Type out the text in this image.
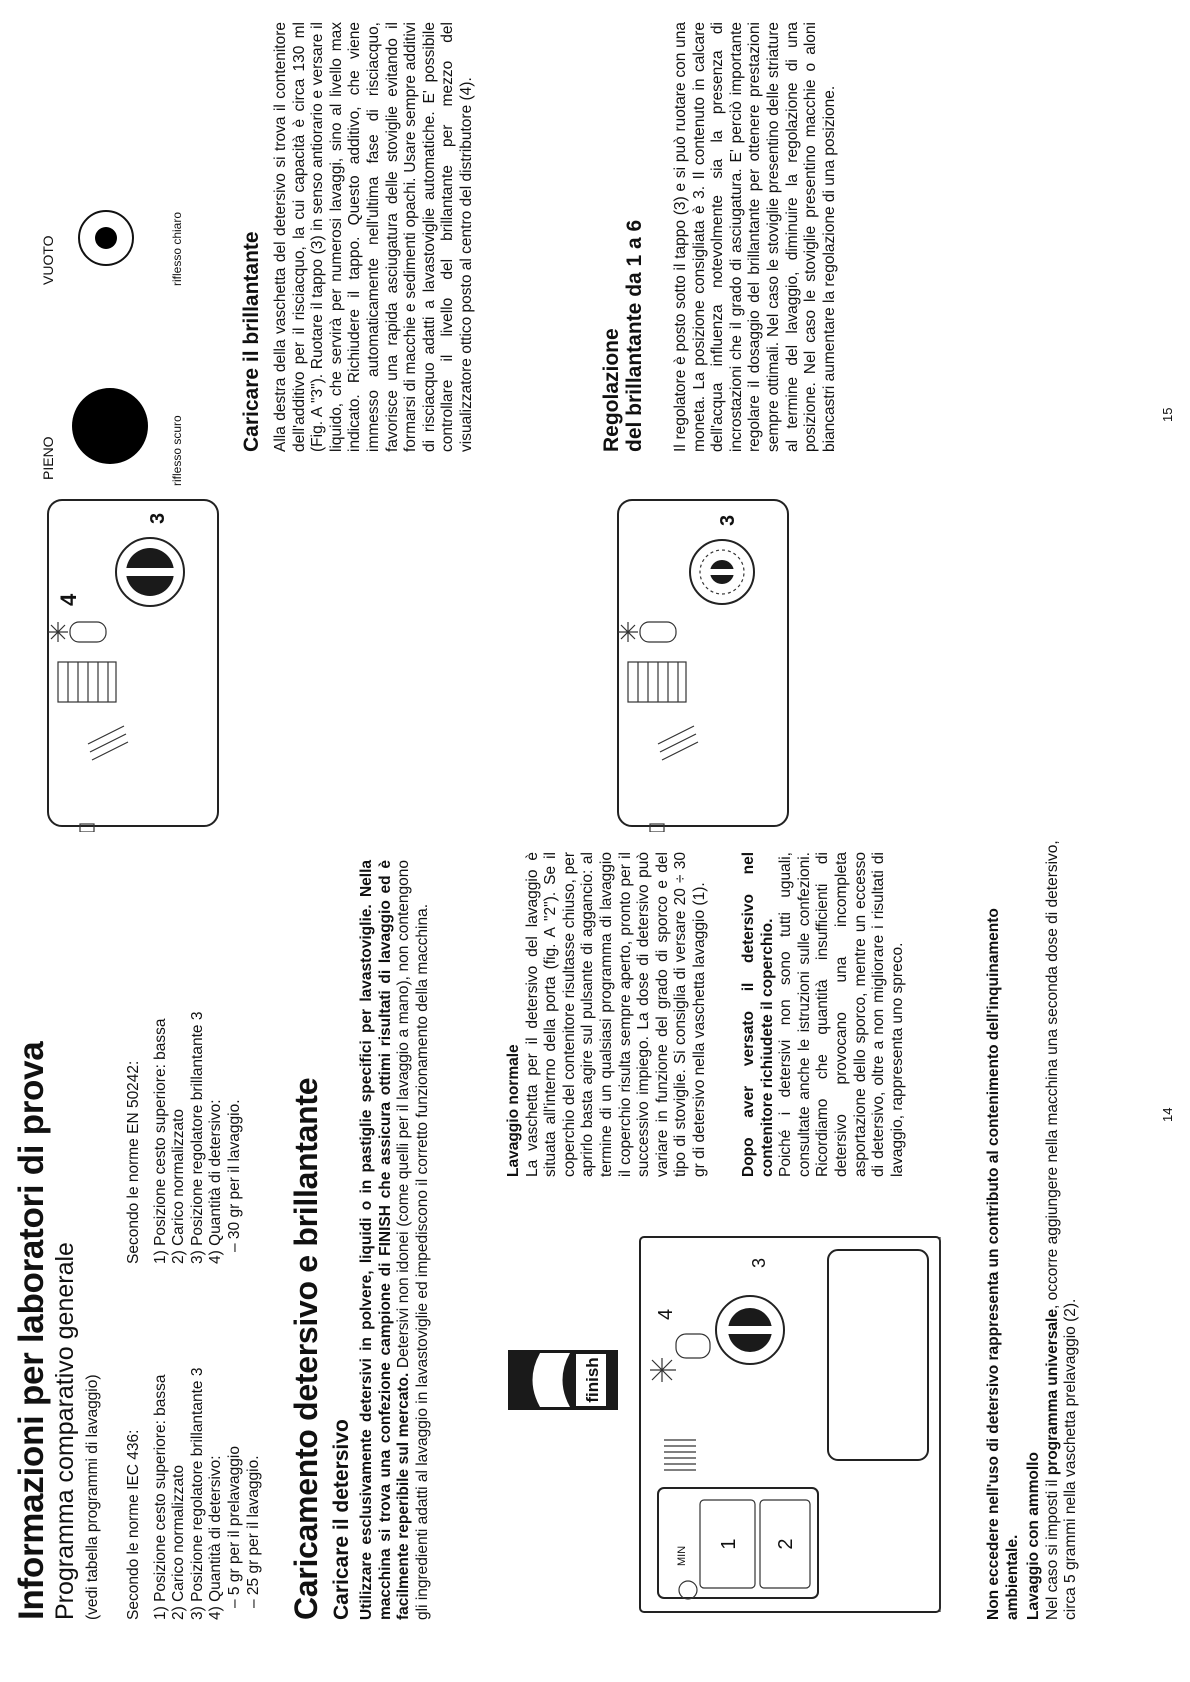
Informazioni per laboratori di prova Programma comparativo generale (vedi tabella programmi di lavaggio) Secondo le norme IEC 436: 1) Posizione cesto superiore: bassa 2) Carico normalizzato 3) Posizione regolatore brillantante 3 4) Quantità di detersivo: – 5 gr per il prelavaggio – 25 gr per il lavaggio.

Secondo le norme EN 50242: 1) Posizione cesto superiore: bassa 2) Carico normalizzato 3) Posizione regolatore brillantante 3 4) Quantità di detersivo: – 30 gr per il lavaggio. Caricamento detersivo e brillantante Caricare il detersivo Utilizzare esclusivamente detersivi in polvere, liquidi o in pastiglie specifici per lavastoviglie. Nella macchina si trova una confezione campione di FINISH che assicura ottimi risultati di lavaggio ed è facilmente reperibile sul mercato. Detersivi non idonei (come quelli per il lavaggio a mano), non contengono gli ingredienti adatti al lavaggio in lavastoviglie ed impediscono il corretto funzionamento della macchina.	finish
1 2
MIN
4
3

Lavaggio normale La vaschetta per il detersivo del lavaggio è situata all'interno della porta (fig. A "2"). Se il coperchio del contenitore risultasse chiuso, per aprirlo basta agire sul pulsante di aggancio: al termine di un qualsiasi programma di lavaggio il coperchio risulta sempre aperto, pronto per il successivo impiego. La dose di detersivo può variare in funzione del grado di sporco e del tipo di stoviglie. Si consiglia di versare 20 ÷ 30 gr di detersivo nella vaschetta lavaggio (1). Dopo aver versato il detersivo nel contenitore richiudete il coperchio. Poiché i detersivi non sono tutti uguali, consultate anche le istruzioni sulle confezioni. Ricordiamo che quantità insufficienti di detersivo provocano una incompleta asportazione dello sporco, mentre un eccesso di detersivo, oltre a non migliorare i risultati di lavaggio, rappresenta uno spreco.	Non eccedere nell'uso di detersivo rappresenta un contributo al contenimento dell'inquinamento ambientale. Lavaggio con ammollo Nel caso si imposti il programma universale, occorre aggiungere nella macchina una seconda dose di detersivo, circa 5 grammi nella vaschetta prelavaggio (2).

14
4
3
PIENO	riflesso scuro
VUOTO	riflesso chiaro
3
Caricare il brillantante Alla destra della vaschetta del detersivo si trova il contenitore dell'additivo per il risciacquo, la cui capacità è circa 130 ml (Fig. A "3"). Ruotare il tappo (3) in senso antiorario e versare il liquido, che servirà per numerosi lavaggi, sino al livello max indicato. Richiudere il tappo. Questo additivo, che viene immesso automaticamente nell'ultima fase di risciacquo, favorisce una rapida asciugatura delle stoviglie evitando il formarsi di macchie e sedimenti opachi. Usare sempre additivi di risciacquo adatti a lavastoviglie automatiche. E' possibile controllare il livello del brillantante per mezzo del visualizzatore ottico posto al centro del distributore (4).	Regolazione del brillantante da 1 a 6 Il regolatore è posto sotto il tappo (3) e si può ruotare con una moneta. La posizione consigliata è 3. Il contenuto in calcare dell'acqua influenza notevolmente sia la presenza di incrostazioni che il grado di asciugatura. E' perciò importante regolare il dosaggio del brillantante per ottenere prestazioni sempre ottimali. Nel caso le stoviglie presentino delle striature al termine del lavaggio, diminuire la regolazione di una posizione. Nel caso le stoviglie presentino macchie o aloni biancastri aumentare la regolazione di una posizione.	15
